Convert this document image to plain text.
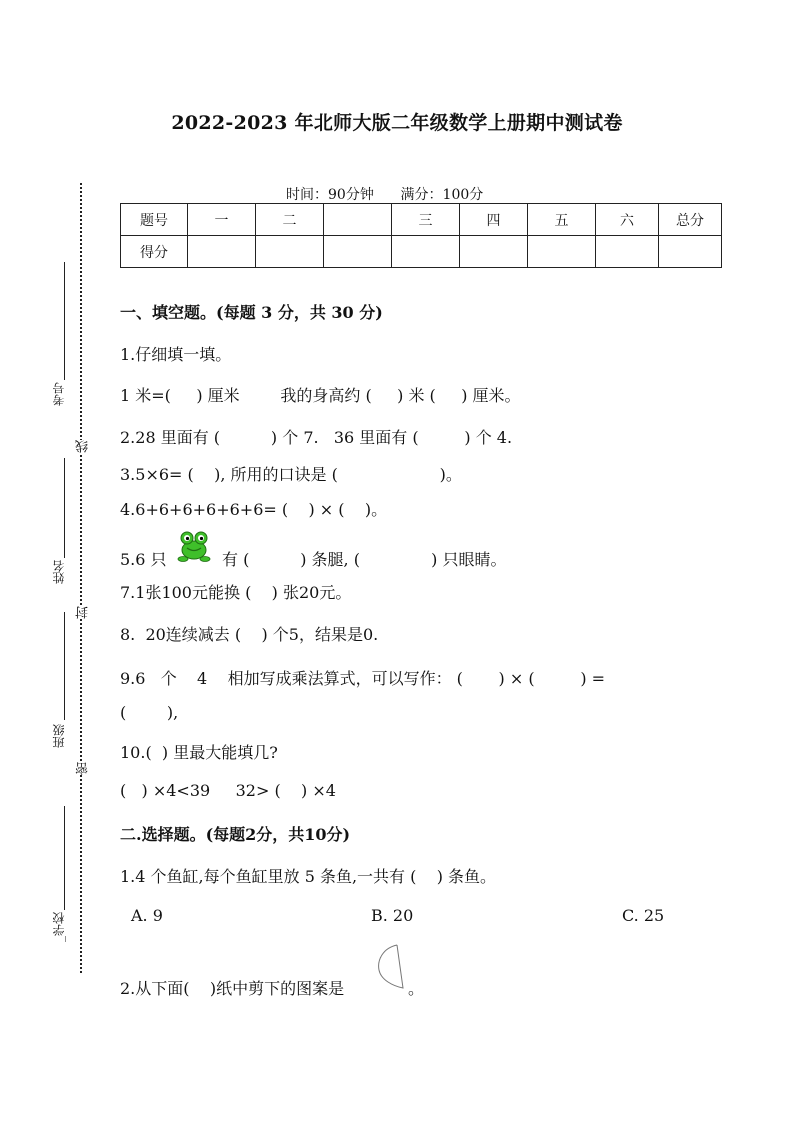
2022-2023 年北师大版二年级数学上册期中测试卷
时间：90分钟 满分：100分
题号	一	二		三	四	五	六	总分
得分								
考号
姓名
班级
_学校
线
封
密
一、填空题。(每题 3 分，共 30 分)
1.仔细填一填。
1 米=(     ) 厘米        我的身高约 (     ) 米 (     ) 厘米。
2.28 里面有 (          ) 个 7.   36 里面有 (         ) 个 4.
3.5×6= (    ), 所用的口诀是 (                    )。
4.6+6+6+6+6+6= (    ) × (    )。
5.6 只	有 (          ) 条腿, (              ) 只眼睛。
7.1张100元能换 (    ) 张20元。
8.  20连续减去 (    ) 个5，结果是0.
9.6   个    4    相加写成乘法算式，可以写作： (       ) × (         ) =
(        ),
10.(  ) 里最大能填几?
(   ) ×4<39     32> (    ) ×4
二.选择题。(每题2分，共10分)
1.4 个鱼缸,每个鱼缸里放 5 条鱼,一共有 (    ) 条鱼。
A. 9	B. 20	C. 25
2.从下面(    )纸中剪下的图案是	。
